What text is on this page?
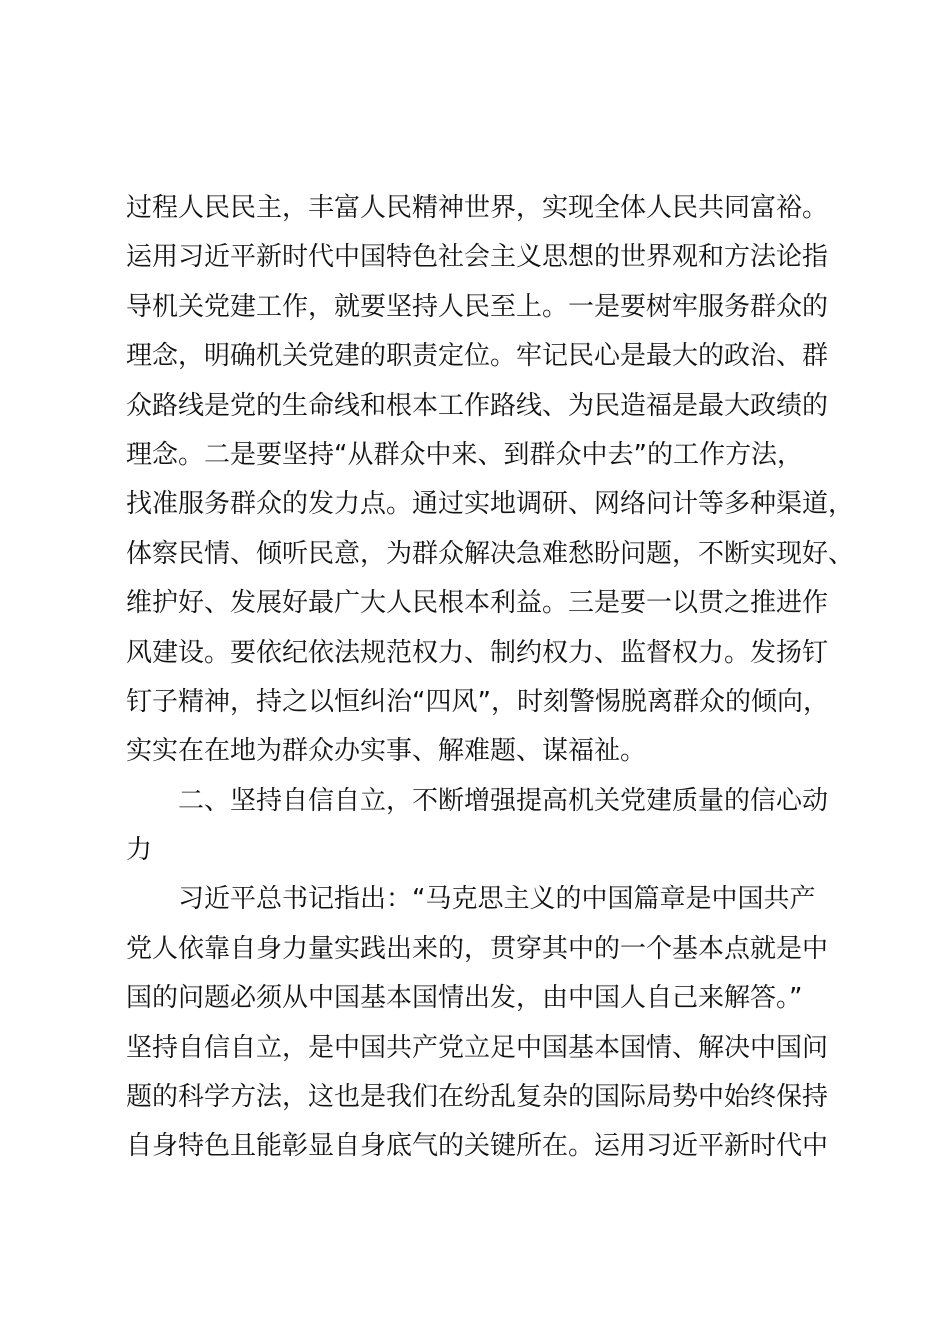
过程人民民主，丰富人民精神世界，实现全体人民共同富裕。

运用习近平新时代中国特色社会主义思想的世界观和方法论指

导机关党建工作，就要坚持人民至上。一是要树牢服务群众的

理念，明确机关党建的职责定位。牢记民心是最大的政治、群

众路线是党的生命线和根本工作路线、为民造福是最大政绩的

理念。二是要坚持“从群众中来、到群众中去”的工作方法，

找准服务群众的发力点。通过实地调研、网络问计等多种渠道，

体察民情、倾听民意，为群众解决急难愁盼问题，不断实现好、

维护好、发展好最广大人民根本利益。三是要一以贯之推进作

风建设。要依纪依法规范权力、制约权力、监督权力。发扬钉

钉子精神，持之以恒纠治“四风”，时刻警惕脱离群众的倾向，

实实在在地为群众办实事、解难题、谋福祉。

二、坚持自信自立，不断增强提高机关党建质量的信心动

力

习近平总书记指出：“马克思主义的中国篇章是中国共产

党人依靠自身力量实践出来的，贯穿其中的一个基本点就是中

国的问题必须从中国基本国情出发，由中国人自己来解答。”

坚持自信自立，是中国共产党立足中国基本国情、解决中国问

题的科学方法，这也是我们在纷乱复杂的国际局势中始终保持

自身特色且能彰显自身底气的关键所在。运用习近平新时代中
